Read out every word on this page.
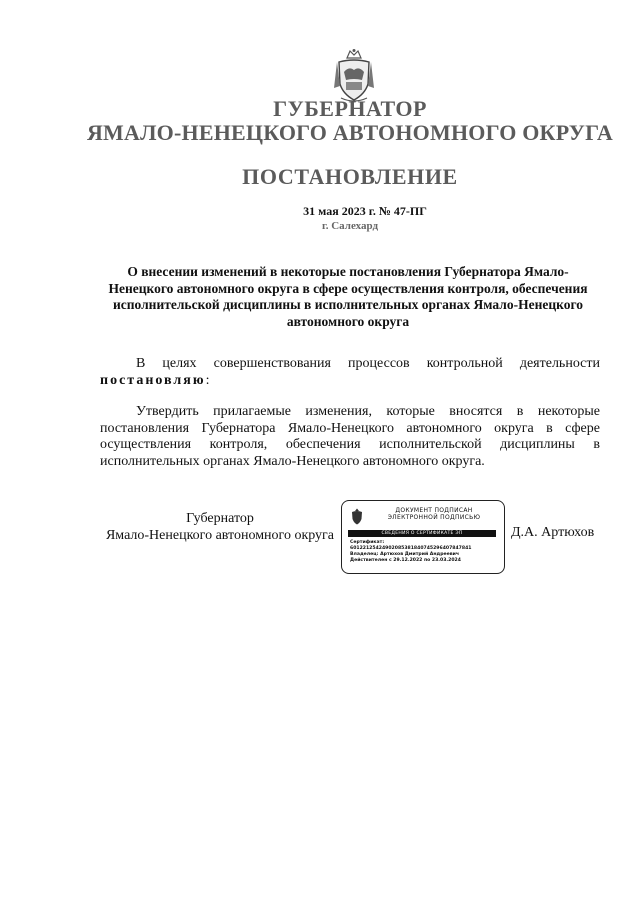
ГУБЕРНАТОР
ЯМАЛО-НЕНЕЦКОГО АВТОНОМНОГО ОКРУГА
ПОСТАНОВЛЕНИЕ
31 мая 2023 г. № 47-ПГ
г. Салехард

О внесении изменений в некоторые постановления Губернатора Ямало-Ненецкого автономного округа в сфере осуществления контроля, обеспечения исполнительской дисциплины в исполнительных органах Ямало-Ненецкого автономного округа

В целях совершенствования процессов контрольной деятельности постановляю:

Утвердить прилагаемые изменения, которые вносятся в некоторые постановления Губернатора Ямало-Ненецкого автономного округа в сфере осуществления контроля, обеспечения исполнительской дисциплины в исполнительных органах Ямало-Ненецкого автономного округа.

Губернатор
Ямало-Ненецкого автономного округа
ДОКУМЕНТ ПОДПИСАН
ЭЛЕКТРОННОЙ ПОДПИСЬЮ
СВЕДЕНИЯ О СЕРТИФИКАТЕ ЭП
Сертификат:
60122125424902085381840745296407847841
Владелец: Артюхов Дмитрий Андреевич
Действителен с 29.12.2022 по 23.03.2024
Д.А. Артюхов
